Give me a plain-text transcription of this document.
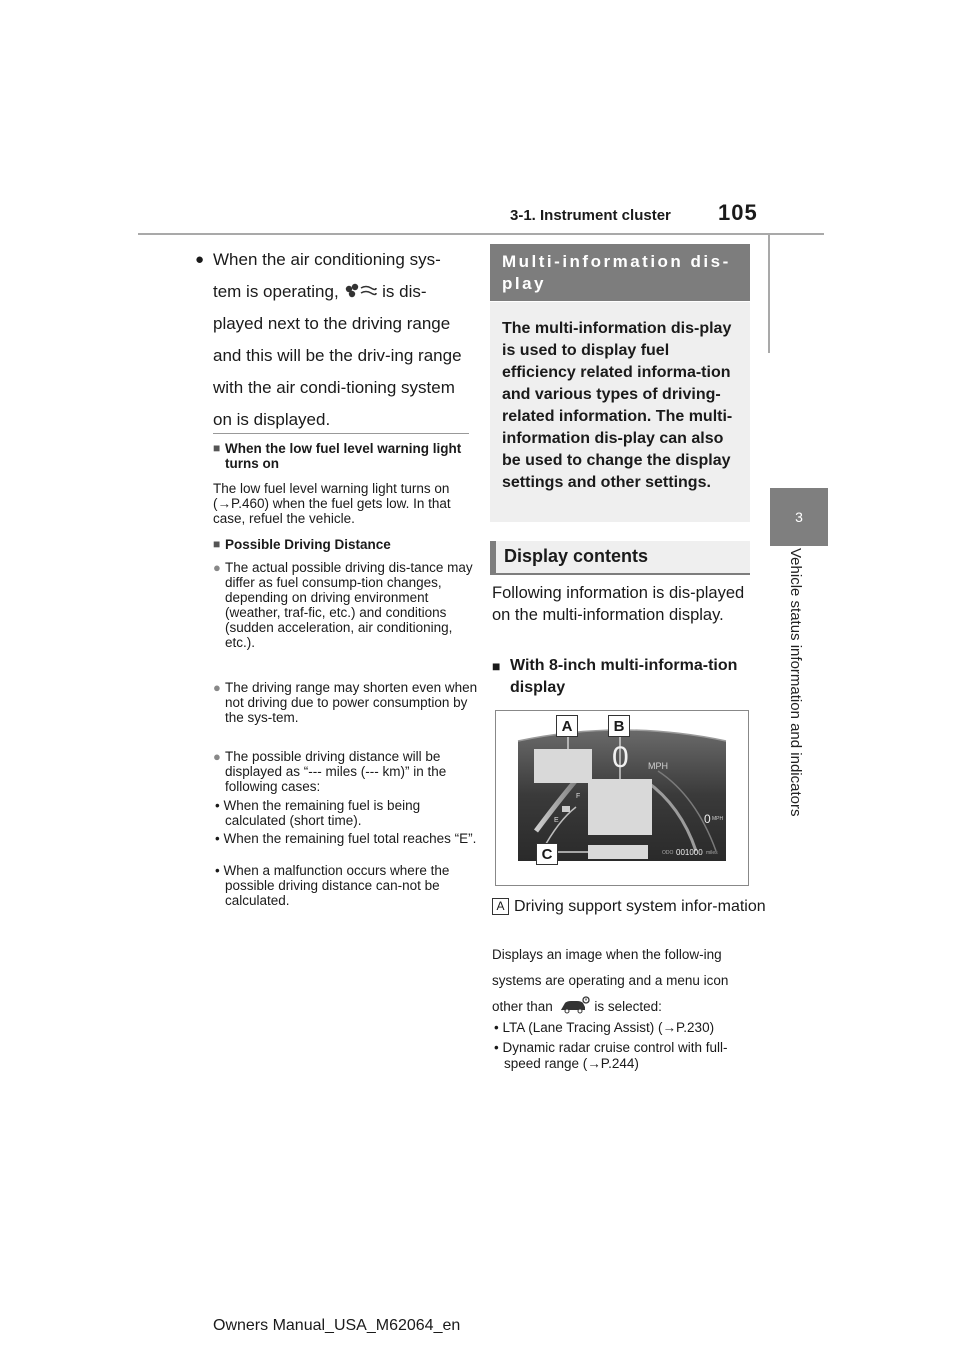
3-1. Instrument cluster 105
3
Vehicle status information and indicators
● When the air conditioning sys-tem is operating,	is dis-played next to the driving range and this will be the driv-ing range with the air condi-tioning system on is displayed.
■ When the low fuel level warning light turns on
The low fuel level warning light turns on (→P.460) when the fuel gets low. In that case, refuel the vehicle.
■ Possible Driving Distance
● The actual possible driving dis-tance may differ as fuel consump-tion changes, depending on driving environment (weather, traf-fic, etc.) and conditions (sudden acceleration, air conditioning, etc.).
● The driving range may shorten even when not driving due to power consumption by the sys-tem.
● The possible driving distance will be displayed as “--- miles (--- km)” in the following cases:
• When the remaining fuel is being calculated (short time).
• When the remaining fuel total reaches “E”.
• When a malfunction occurs where the possible driving distance can-not be calculated.
Multi-information dis-play
The multi-information dis-play is used to display fuel efficiency related informa-tion and various types of driving-related information. The multi-information dis-play can also be used to change the display settings and other settings.
Display contents
Following information is dis-played on the multi-information display.
■ With 8-inch multi-informa-tion display
0 MPH
F
E	0 MPH
ODO 001000 miles
A	B
C
A Driving support system infor-mation
Displays an image when the follow-ing systems are operating and a menu icon other than	is selected:
• LTA (Lane Tracing Assist) (→P.230)
• Dynamic radar cruise control with full-speed range (→P.244)
Owners Manual_USA_M62064_en
